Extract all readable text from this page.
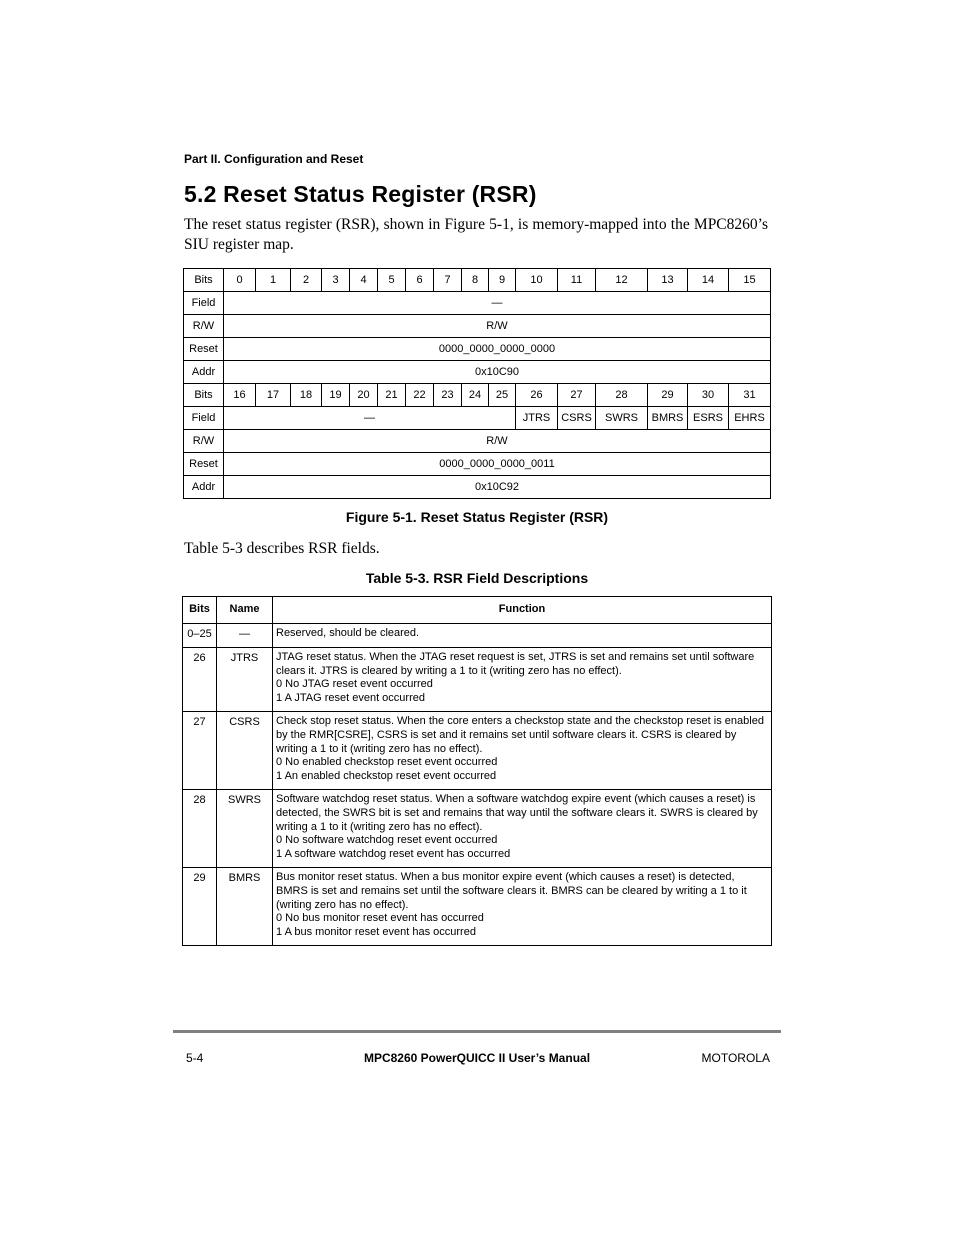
Part II. Configuration and Reset
5.2 Reset Status Register (RSR)

The reset status register (RSR), shown in Figure 5-1, is memory-mapped into the MPC8260’s SIU register map.

Bits	0	1	2	3	4	5	6	7	8	9	10	11	12	13	14	15
Field	—															
R/W	R/W															
Reset	0000_0000_0000_0000															
Addr	0x10C90															
Bits	16	17	18	19	20	21	22	23	24	25	26	27	28	29	30	31
Field	—										JTRS	CSRS	SWRS	BMRS	ESRS	EHRS
R/W	R/W															
Reset	0000_0000_0000_0011															
Addr	0x10C92															
Figure 5-1. Reset Status Register (RSR)
Table 5-3 describes RSR fields.
Table 5-3. RSR Field Descriptions
Bits	Name	Function
0–25	—	Reserved, should be cleared.

26	JTRS	JTAG reset status. When the JTAG reset request is set, JTRS is set and remains set until software clears it. JTRS is cleared by writing a 1 to it (writing zero has no effect).
0 No JTAG reset event occurred
1 A JTAG reset event occurred

27	CSRS	Check stop reset status. When the core enters a checkstop state and the checkstop reset is enabled by the RMR[CSRE], CSRS is set and it remains set until software clears it. CSRS is cleared by writing a 1 to it (writing zero has no effect).
0 No enabled checkstop reset event occurred
1 An enabled checkstop reset event occurred

28	SWRS	Software watchdog reset status. When a software watchdog expire event (which causes a reset) is detected, the SWRS bit is set and remains that way until the software clears it. SWRS is cleared by writing a 1 to it (writing zero has no effect).
0 No software watchdog reset event occurred
1 A software watchdog reset event has occurred

29	BMRS	Bus monitor reset status. When a bus monitor expire event (which causes a reset) is detected, BMRS is set and remains set until the software clears it. BMRS can be cleared by writing a 1 to it (writing zero has no effect).
0 No bus monitor reset event has occurred
1 A bus monitor reset event has occurred
5-4	MPC8260 PowerQUICC II User’s Manual	MOTOROLA
